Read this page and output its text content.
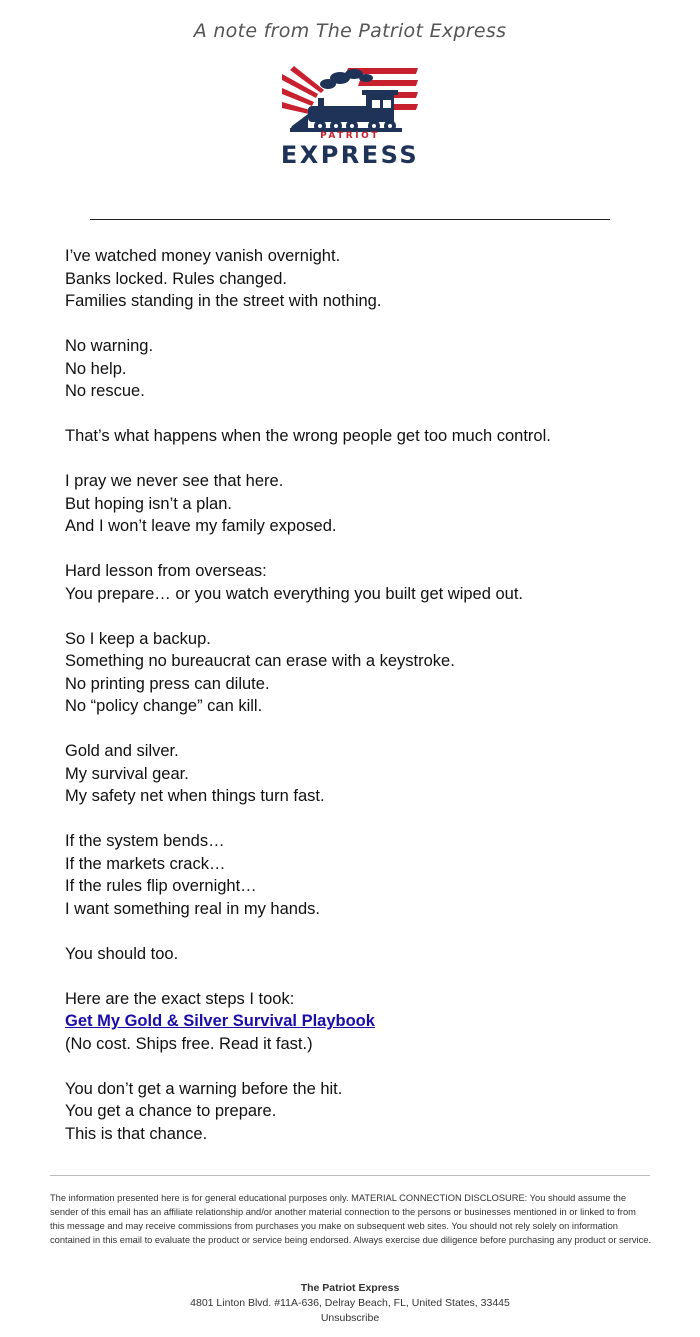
A note from The Patriot Express
PATRIOT
EXPRESS

I’ve watched money vanish overnight.
Banks locked. Rules changed.
Families standing in the street with nothing.

No warning.
No help.
No rescue.

That’s what happens when the wrong people get too much control.

I pray we never see that here.
But hoping isn’t a plan.
And I won’t leave my family exposed.

Hard lesson from overseas:
You prepare… or you watch everything you built get wiped out.

So I keep a backup.
Something no bureaucrat can erase with a keystroke.
No printing press can dilute.
No “policy change” can kill.

Gold and silver.
My survival gear.
My safety net when things turn fast.

If the system bends…
If the markets crack…
If the rules flip overnight…
I want something real in my hands.

You should too.

Here are the exact steps I took:
Get My Gold & Silver Survival Playbook
(No cost. Ships free. Read it fast.)

You don’t get a warning before the hit.
You get a chance to prepare.
This is that chance.

The information presented here is for general educational purposes only. MATERIAL CONNECTION DISCLOSURE: You should assume the sender of this email has an affiliate relationship and/or another material connection to the persons or businesses mentioned in or linked to from this message and may receive commissions from purchases you make on subsequent web sites. You should not rely solely on information contained in this email to evaluate the product or service being endorsed. Always exercise due diligence before purchasing any product or service.
The Patriot Express
4801 Linton Blvd. #11A-636, Delray Beach, FL, United States, 33445
Unsubscribe
